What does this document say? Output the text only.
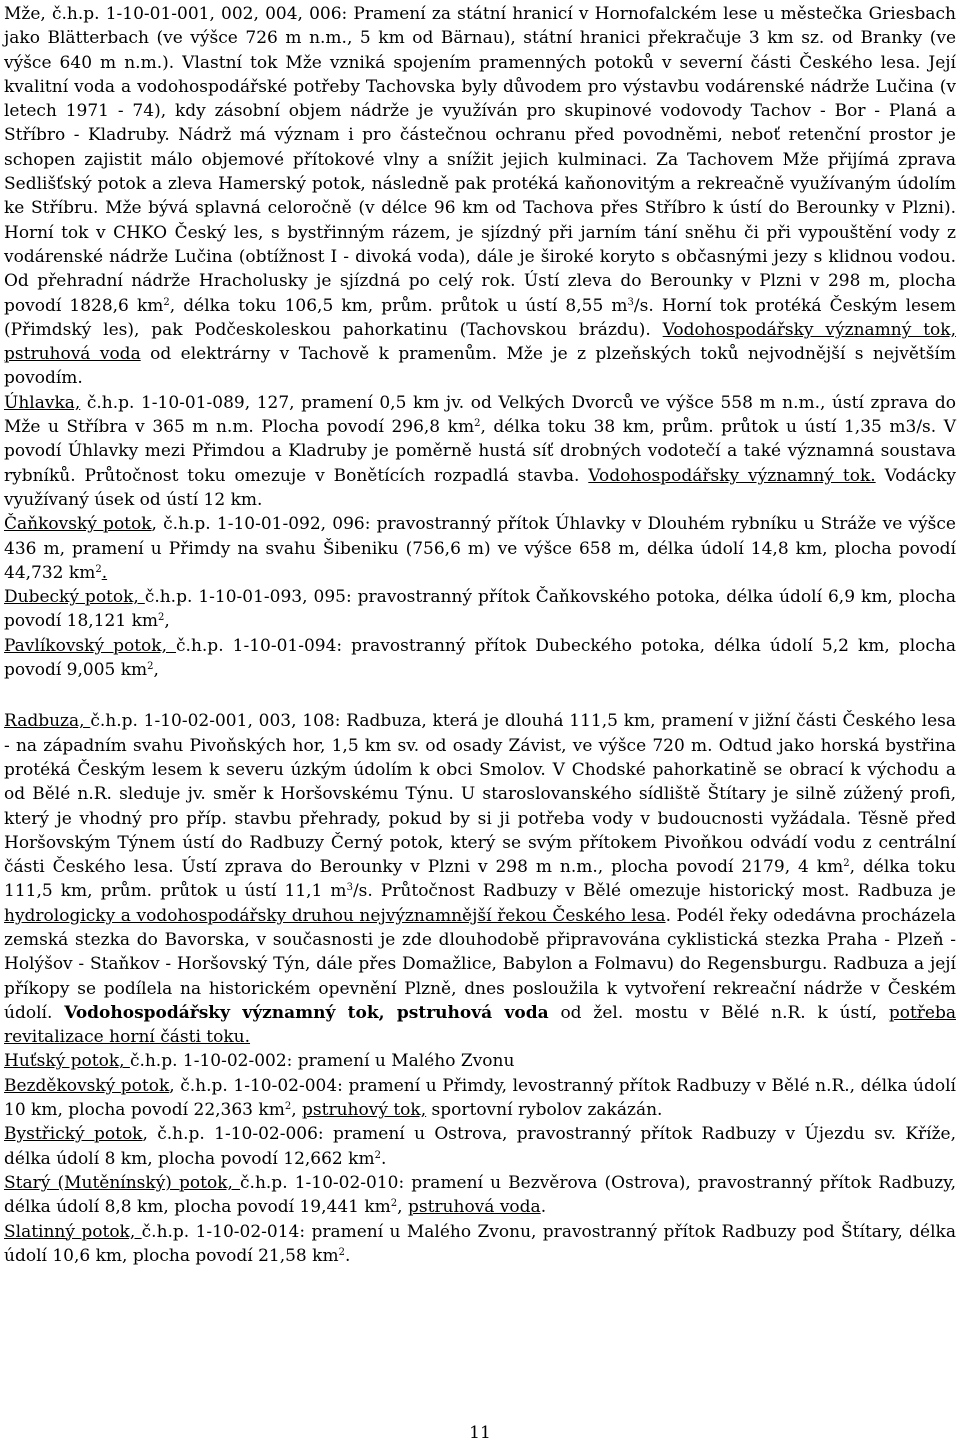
Mže, č.h.p. 1-10-01-001, 002, 004, 006: Pramení za státní hranicí v Hornofalckém lese u městečka Griesbach jako Blätterbach (ve výšce 726 m n.m., 5 km od Bärnau), státní hranici překračuje 3 km sz. od Branky (ve výšce 640 m n.m.). Vlastní tok Mže vzniká spojením pramenných potoků v severní části Českého lesa. Její kvalitní voda a vodohospodářské potřeby Tachovska byly důvodem pro výstavbu vodárenské nádrže Lučina (v letech 1971 - 74), kdy zásobní objem nádrže je využíván pro skupinové vodovody Tachov - Bor - Planá a Stříbro - Kladruby. Nádrž má význam i pro částečnou ochranu před povodněmi, neboť retenční prostor je schopen zajistit málo objemové přítokové vlny a snížit jejich kulminaci. Za Tachovem Mže přijímá zprava Sedlišťský potok a zleva Hamerský potok, následně pak protéká kaňonovitým a rekreačně využívaným údolím ke Stříbru. Mže bývá splavná celoročně (v délce 96 km od Tachova přes Stříbro k ústí do Berounky v Plzni). Horní tok v CHKO Český les, s bystřinným rázem, je sjízdný při jarním tání sněhu či při vypouštění vody z vodárenské nádrže Lučina (obtížnost I - divoká voda), dále je široké koryto s občasnými jezy s klidnou vodou. Od přehradní nádrže Hracholusky je sjízdná po celý rok. Ústí zleva do Berounky v Plzni v 298 m, plocha povodí 1828,6 $km^2$, délka toku 106,5 km, prům. průtok u ústí 8,55 $m^3/s$. Horní tok protéká Českým lesem (Přimdský les), pak Podčeskoleskou pahorkatinu (Tachovskou brázdu). Vodohospodářsky významný tok, pstruhová voda od elektrárny v Tachově k pramenům. Mže je z plzeňských toků nejvodnější s největším povodím.

Úhlavka, č.h.p. 1-10-01-089, 127, pramení 0,5 km jv. od Velkých Dvorců ve výšce 558 m n.m., ústí zprava do Mže u Stříbra v 365 m n.m. Plocha povodí 296,8 $km^2$, délka toku 38 km, prům. průtok u ústí 1,35 m3/s. V povodí Úhlavky mezi Přimdou a Kladruby je poměrně hustá síť drobných vodotečí a také významná soustava rybníků. Průtočnost toku omezuje v Bonětících rozpadlá stavba. Vodohospodářsky významný tok. Vodácky využívaný úsek od ústí 12 km.

Čaňkovský potok, č.h.p. 1-10-01-092, 096: pravostranný přítok Úhlavky v Dlouhém rybníku u Stráže ve výšce 436 m, pramení u Přimdy na svahu Šibeniku (756,6 m) ve výšce 658 m, délka údolí 14,8 km, plocha povodí 44,732 $km^2$.

Dubecký potok, č.h.p. 1-10-01-093, 095: pravostranný přítok Čaňkovského potoka, délka údolí 6,9 km, plocha povodí 18,121 $km^2$,

Pavlíkovský potok, č.h.p. 1-10-01-094: pravostranný přítok Dubeckého potoka, délka údolí 5,2 km, plocha povodí 9,005 $km^2$,

Radbuza, č.h.p. 1-10-02-001, 003, 108: Radbuza, která je dlouhá 111,5 km, pramení v jižní části Českého lesa - na západním svahu Pivoňských hor, 1,5 km sv. od osady Závist, ve výšce 720 m. Odtud jako horská bystřina protéká Českým lesem k severu úzkým údolím k obci Smolov. V Chodské pahorkatině se obrací k východu a od Bělé n.R. sleduje jv. směr k Horšovskému Týnu. U staroslovanského sídliště Štítary je silně zúžený profi, který je vhodný pro příp. stavbu přehrady, pokud by si ji potřeba vody v budoucnosti vyžádala. Těsně před Horšovským Týnem ústí do Radbuzy Černý potok, který se svým přítokem Pivoňkou odvádí vodu z centrální části Českého lesa. Ústí zprava do Berounky v Plzni v 298 m n.m., plocha povodí 2179, 4 $km^2$, délka toku 111,5 km, prům. průtok u ústí 11,1 $m^3/s$. Průtočnost Radbuzy v Bělé omezuje historický most. Radbuza je hydrologicky a vodohospodářsky druhou nejvýznamnější řekou Českého lesa. Podél řeky odedávna procházela zemská stezka do Bavorska, v současnosti je zde dlouhodobě připravována cyklistická stezka Praha - Plzeň - Holýšov - Staňkov - Horšovský Týn, dále přes Domažlice, Babylon a Folmavu) do Regensburgu. Radbuza a její příkopy se podílela na historickém opevnění Plzně, dnes posloužila k vytvoření rekreační nádrže v Českém údolí. Vodohospodářsky významný tok, pstruhová voda od žel. mostu v Bělé n.R. k ústí, potřeba revitalizace horní části toku.

Huťský potok, č.h.p. 1-10-02-002: pramení u Malého Zvonu

Bezděkovský potok, č.h.p. 1-10-02-004: pramení u Přimdy, levostranný přítok Radbuzy v Bělé n.R., délka údolí 10 km, plocha povodí 22,363 $km^2$, pstruhový tok, sportovní rybolov zakázán.

Bystřický potok, č.h.p. 1-10-02-006: pramení u Ostrova, pravostranný přítok Radbuzy v Újezdu sv. Kříže, délka údolí 8 km, plocha povodí 12,662 $km^2$.

Starý (Mutěnínský) potok, č.h.p. 1-10-02-010: pramení u Bezvěrova (Ostrova), pravostranný přítok Radbuzy, délka údolí 8,8 km, plocha povodí 19,441 $km^2$, pstruhová voda.

Slatinný potok, č.h.p. 1-10-02-014: pramení u Malého Zvonu, pravostranný přítok Radbuzy pod Štítary, délka údolí 10,6 km, plocha povodí 21,58 $km^2$.

11
